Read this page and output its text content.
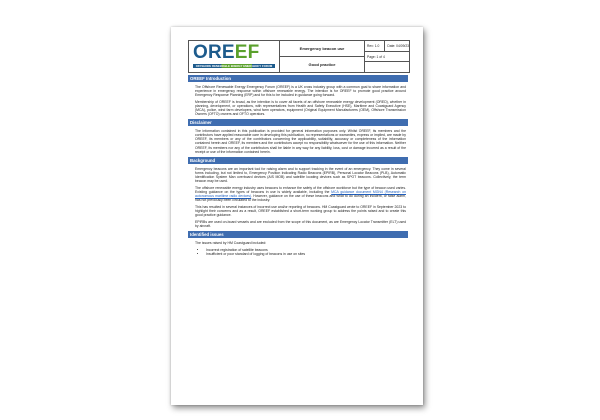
OREEF
OFFSHORE RENEWABLE ENERGY EMERGENCY FORUM
Emergency beacon use
Good practice
Rev: 1.0	Date: 04/09/23
Page: 1 of 4
OREEF Introduction

The Offshore Renewable Energy Emergency Forum (OREEF) is a UK cross industry group with a common goal to share information and experience in emergency response within offshore renewable energy. The intention is for OREEF to promote good practice around Emergency Response Planning (ERP) and for this to be included in guidance going forward.

Membership of OREEF is broad, as the intention is to cover all facets of an offshore renewable energy development (ORED), whether in planning, development, or operations, with representatives from Health and Safety Executive (HSE), Maritime and Coastguard Agency (MCA), police, wind farm developers, wind farm operators, equipment (Original Equipment Manufacturers (OEM), Offshore Transmission Owners (OFTO) owners and OFTO operators.

Disclaimer

The information contained in this publication is provided for general information purposes only. Whilst OREEF, its members and the contributors have applied reasonable care in developing this publication, no representations or warranties, express or implied, are made by OREEF, its members or any of the contributors concerning the applicability, suitability, accuracy or completeness of the information contained herein and OREEF, its members and the contributors accept no responsibility whatsoever for the use of this information. Neither OREEF, its members nor any of the contributors shall be liable in any way for any liability, loss, cost or damage incurred as a result of the receipt or use of the information contained herein.

Background

Emergency beacons are an important tool for raising alarm and to support tracking in the event of an emergency. They come in several forms including, but not limited to, Emergency Position Indicating Radio Beacons (EPIRB), Personal Locator Beacons (PLB), Automatic Identification System Man overboard devices (AIS MOB) and satellite locating devices such as SPOT beacons. Collectively, the term beacon may be used.

The offshore renewable energy industry uses beacons to enhance the safety of the offshore workforce but the type of beacon used varies. Existing guidance on the types of beacons in use is widely available, including the MCA guidance document MGN4 (Research on autonomous maritime radio devices). However, guidance on the use of these beacons and what to do during an incident, or false alarm, has not previously been circulated to the industry.

This has resulted in several instances of incorrect use and/or reporting of beacons. HM Coastguard wrote to OREEF in September 2023 to highlight their concerns and as a result, OREEF established a short-term working group to address the points raised and to create this good practice guidance.

EPIRBs are used on-board vessels and are excluded from the scope of this document, as are Emergency Locator Transmitter (ELT) used by aircraft.

Identified issues

The issues raised by HM Coastguard included:

• Incorrect registration of satellite beacons
• Insufficient or poor standard of logging of beacons in use on sites
